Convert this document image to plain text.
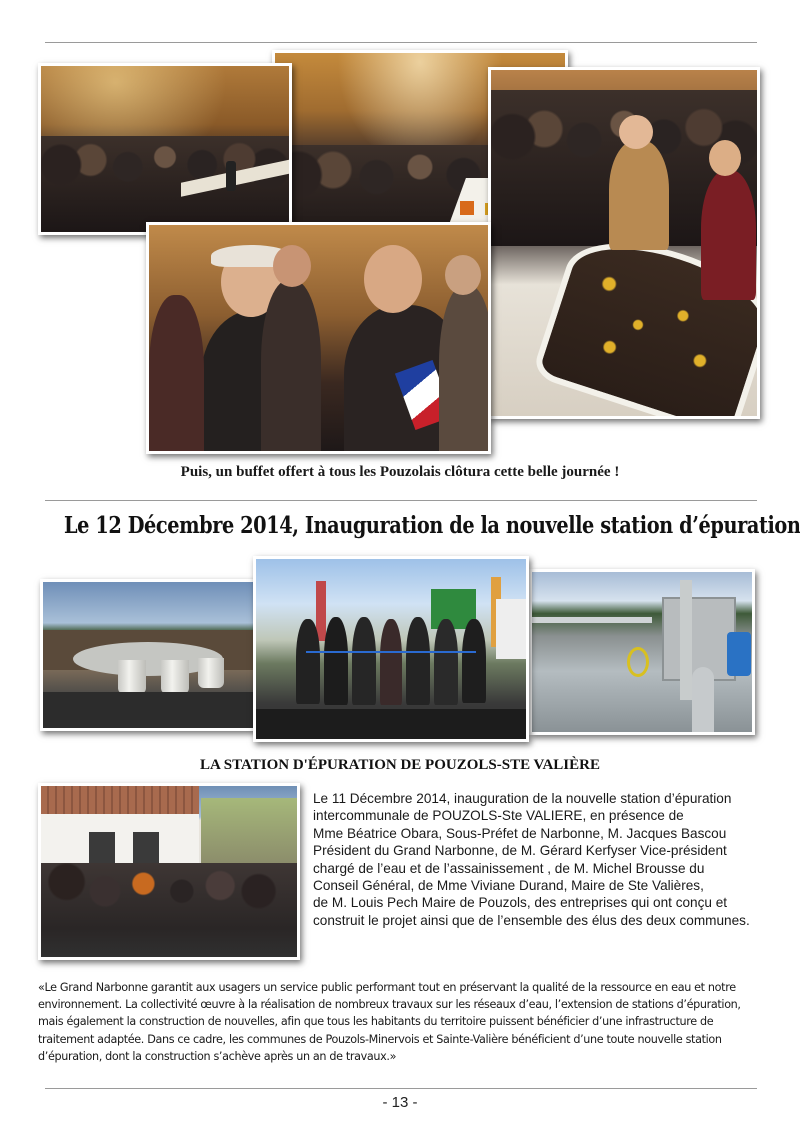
Puis, un buffet offert à tous les Pouzolais clôtura cette belle journée !
Le 12 Décembre 2014, Inauguration de la nouvelle station d’épuration
LA STATION D'ÉPURATION DE POUZOLS-STE VALIÈRE
Le 11 Décembre 2014, inauguration de la nouvelle station d’épuration
intercommunale de POUZOLS-Ste VALIERE, en présence de
Mme Béatrice Obara, Sous-Préfet de Narbonne, M. Jacques Bascou
Président du Grand Narbonne, de M. Gérard Kerfyser Vice-président
chargé de l’eau et de l’assainissement , de M. Michel Brousse du
Conseil Général, de Mme Viviane Durand, Maire de Ste Valières,
de M. Louis Pech Maire de Pouzols, des entreprises qui ont conçu et
construit le projet ainsi que de l’ensemble des élus des deux communes.
«Le Grand Narbonne garantit aux usagers un service public performant tout en préservant la qualité de la ressource en eau et notre
environnement. La collectivité œuvre à la réalisation de nombreux travaux sur les réseaux d’eau, l’extension de stations d’épuration,
mais également la construction de nouvelles, afin que tous les habitants du territoire puissent bénéficier d’une infrastructure de
traitement adaptée. Dans ce cadre, les communes de Pouzols-Minervois et Sainte-Valière bénéficient d’une toute nouvelle station
d’épuration, dont la construction s’achève après un an de travaux.»
- 13 -
